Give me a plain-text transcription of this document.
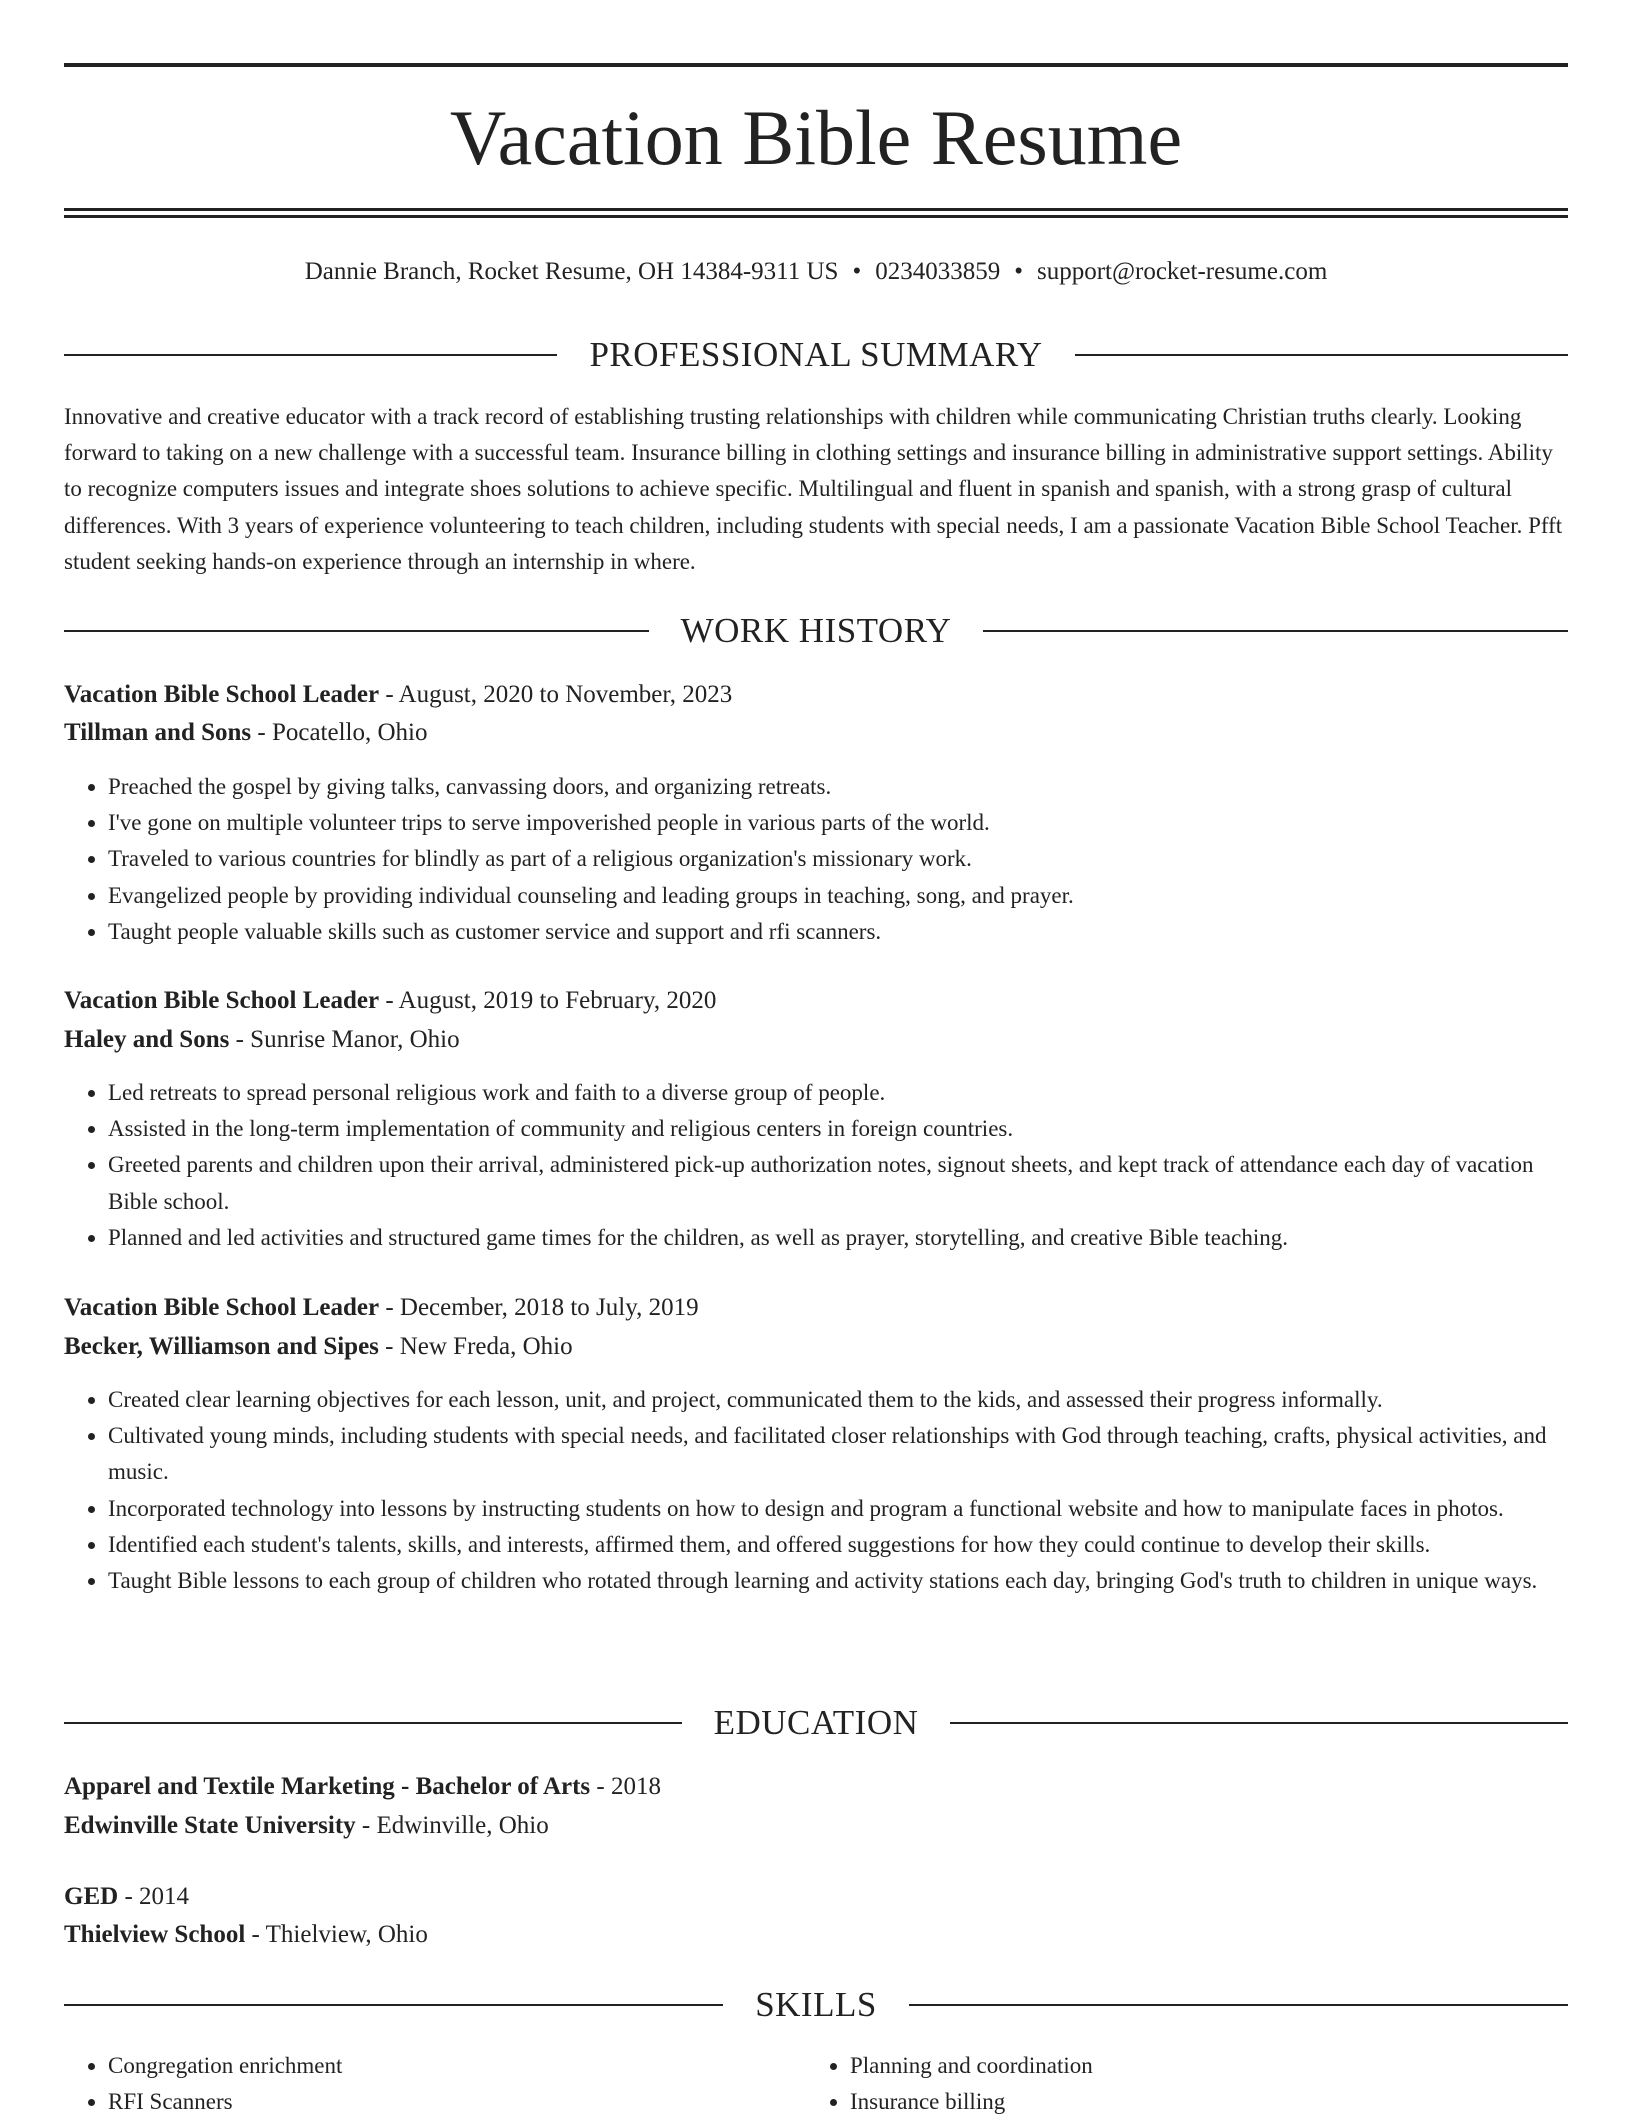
Vacation Bible Resume
Dannie Branch, Rocket Resume, OH 14384-9311 US • 0234033859 • support@rocket-resume.com
PROFESSIONAL SUMMARY

Innovative and creative educator with a track record of establishing trusting relationships with children while communicating Christian truths clearly. Looking forward to taking on a new challenge with a successful team. Insurance billing in clothing settings and insurance billing in administrative support settings. Ability to recognize computers issues and integrate shoes solutions to achieve specific. Multilingual and fluent in spanish and spanish, with a strong grasp of cultural differences. With 3 years of experience volunteering to teach children, including students with special needs, I am a passionate Vacation Bible School Teacher. Pfft student seeking hands-on experience through an internship in where.

WORK HISTORY
Vacation Bible School Leader - August, 2020 to November, 2023
Tillman and Sons - Pocatello, Ohio
• Preached the gospel by giving talks, canvassing doors, and organizing retreats.
• I've gone on multiple volunteer trips to serve impoverished people in various parts of the world.
• Traveled to various countries for blindly as part of a religious organization's missionary work.
• Evangelized people by providing individual counseling and leading groups in teaching, song, and prayer.
• Taught people valuable skills such as customer service and support and rfi scanners.
Vacation Bible School Leader - August, 2019 to February, 2020
Haley and Sons - Sunrise Manor, Ohio
• Led retreats to spread personal religious work and faith to a diverse group of people.
• Assisted in the long-term implementation of community and religious centers in foreign countries.
• Greeted parents and children upon their arrival, administered pick-up authorization notes, signout sheets, and kept track of attendance each day of vacation Bible school.
• Planned and led activities and structured game times for the children, as well as prayer, storytelling, and creative Bible teaching.
Vacation Bible School Leader - December, 2018 to July, 2019
Becker, Williamson and Sipes - New Freda, Ohio
• Created clear learning objectives for each lesson, unit, and project, communicated them to the kids, and assessed their progress informally.
• Cultivated young minds, including students with special needs, and facilitated closer relationships with God through teaching, crafts, physical activities, and music.
• Incorporated technology into lessons by instructing students on how to design and program a functional website and how to manipulate faces in photos.
• Identified each student's talents, skills, and interests, affirmed them, and offered suggestions for how they could continue to develop their skills.
• Taught Bible lessons to each group of children who rotated through learning and activity stations each day, bringing God's truth to children in unique ways.
EDUCATION
Apparel and Textile Marketing - Bachelor of Arts - 2018
Edwinville State University - Edwinville, Ohio
GED - 2014
Thielview School - Thielview, Ohio
SKILLS
• Congregation enrichment
• RFI Scanners
• Planning and coordination
• Insurance billing
